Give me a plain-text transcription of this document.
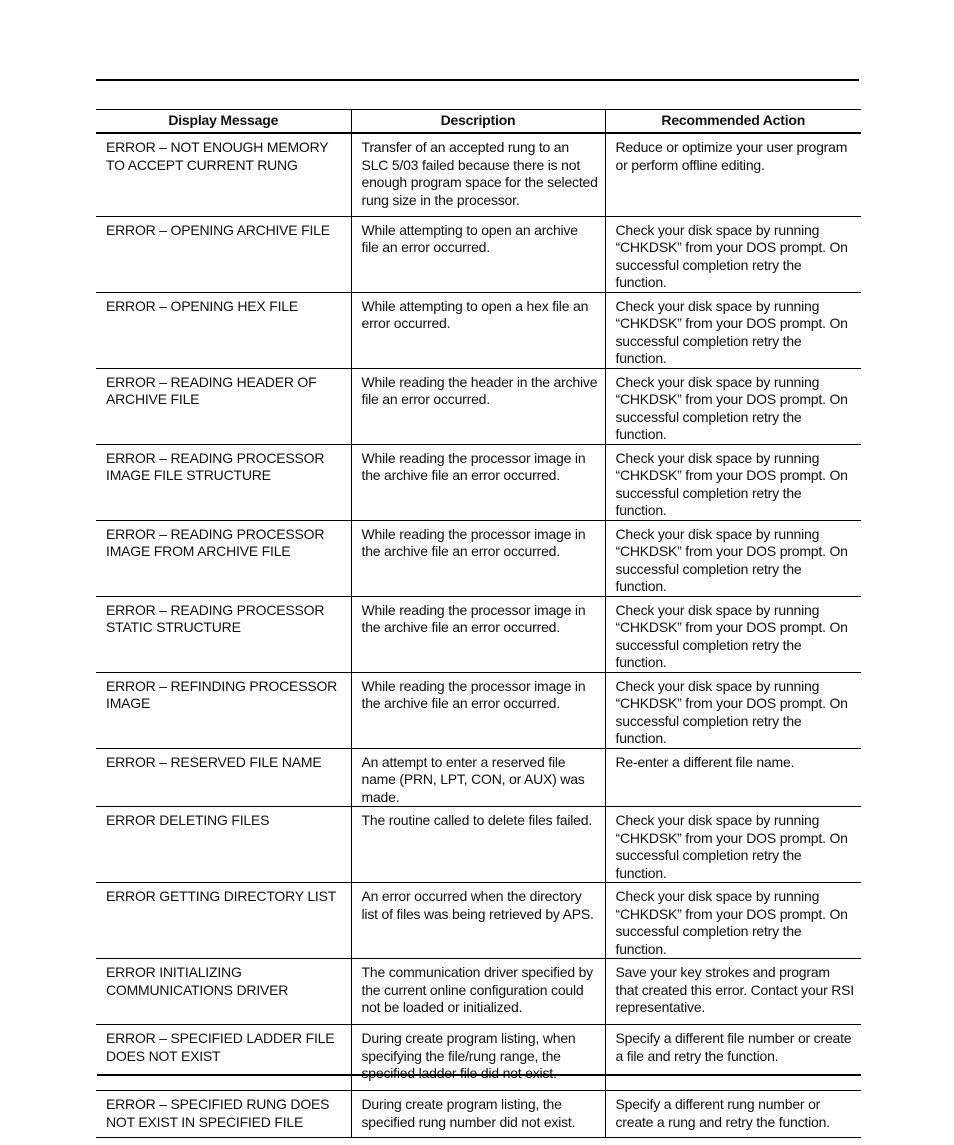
Display Message	Description	Recommended Action

ERROR – NOT ENOUGH MEMORY TO ACCEPT CURRENT RUNG	Transfer of an accepted rung to an SLC 5/03 failed because there is not enough program space for the selected rung size in the processor.	Reduce or optimize your user program or perform offline editing.

ERROR – OPENING ARCHIVE FILE	While attempting to open an archive file an error occurred.	Check your disk space by running “CHKDSK” from your DOS prompt. On successful completion retry the function.

ERROR – OPENING HEX FILE	While attempting to open a hex file an error occurred.	Check your disk space by running “CHKDSK” from your DOS prompt. On successful completion retry the function.

ERROR – READING HEADER OF ARCHIVE FILE	While reading the header in the archive file an error occurred.	Check your disk space by running “CHKDSK” from your DOS prompt. On successful completion retry the function.

ERROR – READING PROCESSOR IMAGE FILE STRUCTURE	While reading the processor image in the archive file an error occurred.	Check your disk space by running “CHKDSK” from your DOS prompt. On successful completion retry the function.

ERROR – READING PROCESSOR IMAGE FROM ARCHIVE FILE	While reading the processor image in the archive file an error occurred.	Check your disk space by running “CHKDSK” from your DOS prompt. On successful completion retry the function.

ERROR – READING PROCESSOR STATIC STRUCTURE	While reading the processor image in the archive file an error occurred.	Check your disk space by running “CHKDSK” from your DOS prompt. On successful completion retry the function.

ERROR – REFINDING PROCESSOR IMAGE	While reading the processor image in the archive file an error occurred.	Check your disk space by running “CHKDSK” from your DOS prompt. On successful completion retry the function.

ERROR – RESERVED FILE NAME	An attempt to enter a reserved file name (PRN, LPT, CON, or AUX) was made.	Re-enter a different file name.

ERROR DELETING FILES	The routine called to delete files failed.	Check your disk space by running “CHKDSK” from your DOS prompt. On successful completion retry the function.

ERROR GETTING DIRECTORY LIST	An error occurred when the directory list of files was being retrieved by APS.	Check your disk space by running “CHKDSK” from your DOS prompt. On successful completion retry the function.

ERROR INITIALIZING COMMUNICATIONS DRIVER	The communication driver specified by the current online configuration could not be loaded or initialized.	Save your key strokes and program that created this error. Contact your RSI representative.

ERROR – SPECIFIED LADDER FILE DOES NOT EXIST	During create program listing, when specifying the file/rung range, the specified ladder file did not exist.	Specify a different file number or create a file and retry the function.

ERROR – SPECIFIED RUNG DOES NOT EXIST IN SPECIFIED FILE	During create program listing, the specified rung number did not exist.	Specify a different rung number or create a rung and retry the function.
